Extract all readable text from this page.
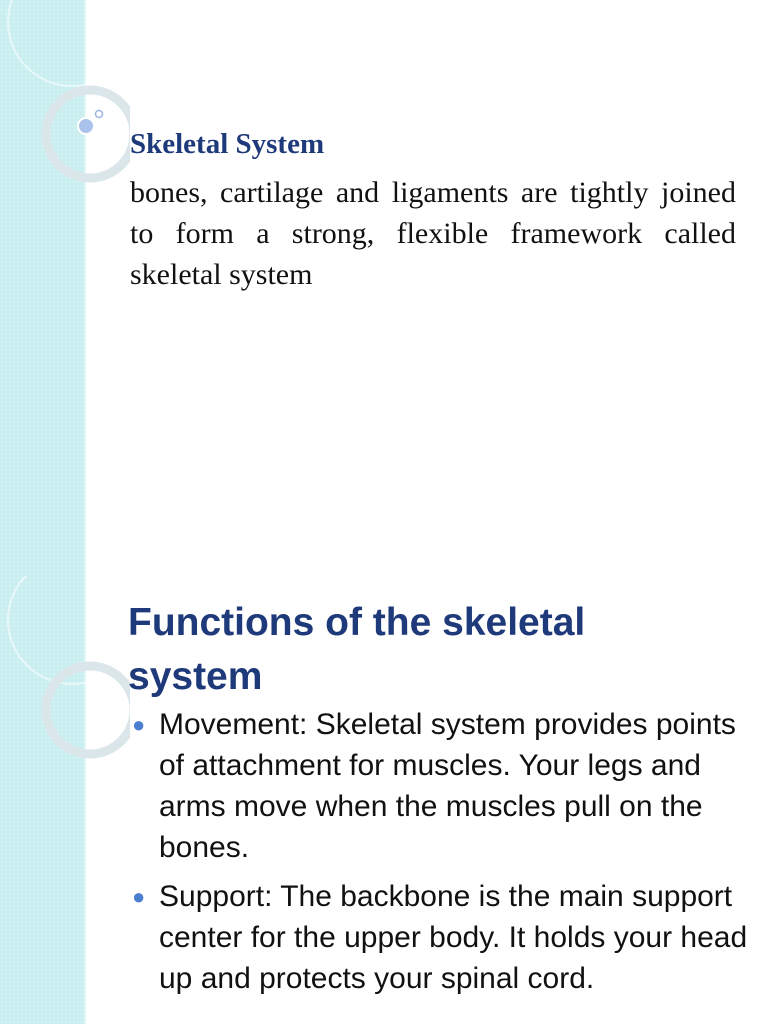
Skeletal System

bones, cartilage and ligaments are tightly joined to form a strong, flexible framework called skeletal system

Functions of the skeletal system
● Movement: Skeletal system provides points of attachment for muscles. Your legs and arms move when the muscles pull on the bones.
● Support: The backbone is the main support center for the upper body. It holds your head up and protects your spinal cord.
